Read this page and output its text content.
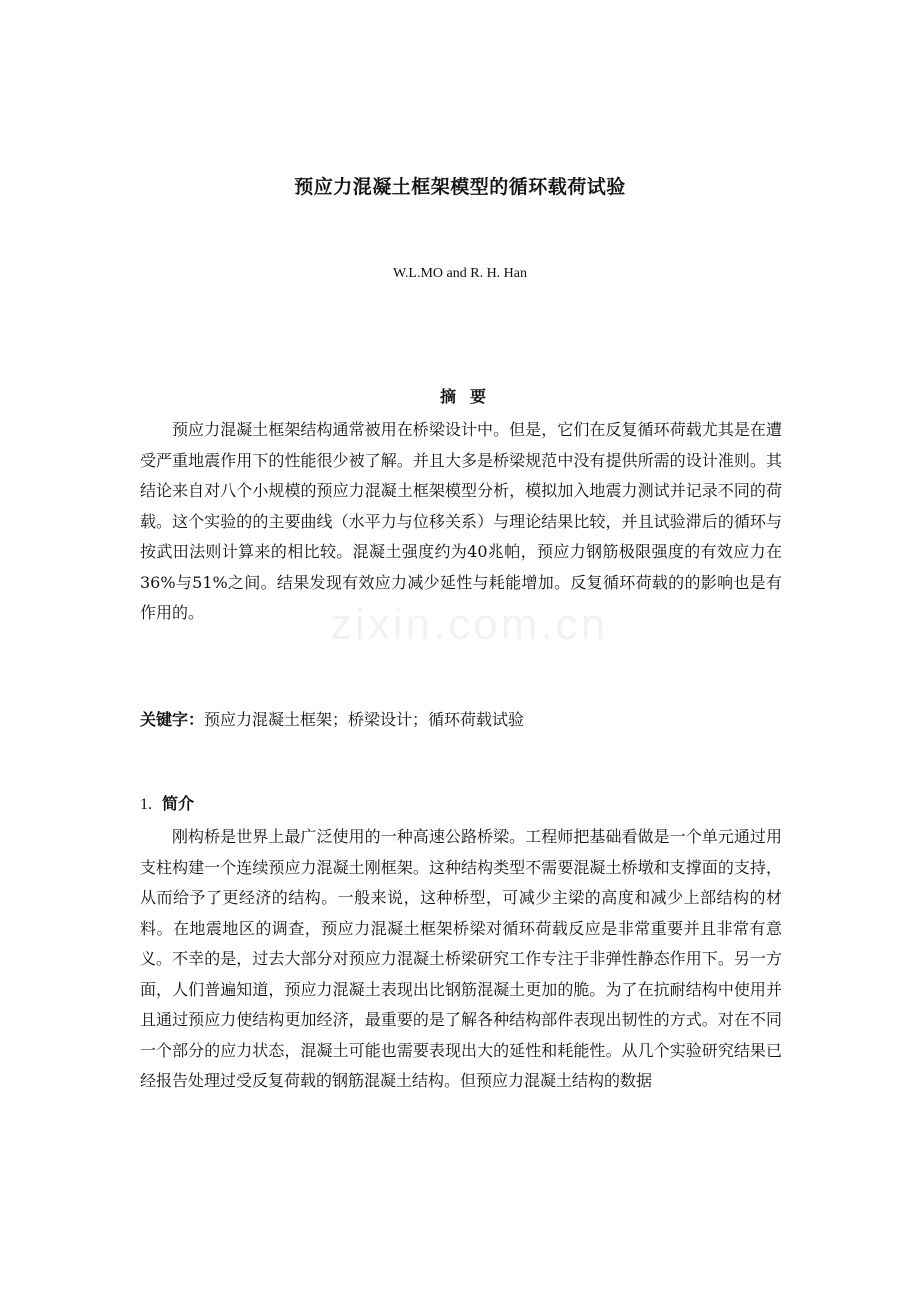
预应力混凝土框架模型的循环载荷试验
W.L.MO and R. H. Han
摘要

预应力混凝土框架结构通常被用在桥梁设计中。但是，它们在反复循环荷载尤其是在遭受严重地震作用下的性能很少被了解。并且大多是桥梁规范中没有提供所需的设计准则。其结论来自对八个小规模的预应力混凝土框架模型分析，模拟加入地震力测试并记录不同的荷载。这个实验的的主要曲线（水平力与位移关系）与理论结果比较，并且试验滞后的循环与按武田法则计算来的相比较。混凝土强度约为40兆帕，预应力钢筋极限强度的有效应力在36%与51%之间。结果发现有效应力减少延性与耗能增加。反复循环荷载的的影响也是有作用的。

关键字：预应力混凝土框架；桥梁设计；循环荷载试验
1. 简介

刚构桥是世界上最广泛使用的一种高速公路桥梁。工程师把基础看做是一个单元通过用支柱构建一个连续预应力混凝土刚框架。这种结构类型不需要混凝土桥墩和支撑面的支持，从而给予了更经济的结构。一般来说，这种桥型，可减少主梁的高度和减少上部结构的材料。在地震地区的调查，预应力混凝土框架桥梁对循环荷载反应是非常重要并且非常有意义。不幸的是，过去大部分对预应力混凝土桥梁研究工作专注于非弹性静态作用下。另一方面，人们普遍知道，预应力混凝土表现出比钢筋混凝土更加的脆。为了在抗耐结构中使用并且通过预应力使结构更加经济，最重要的是了解各种结构部件表现出韧性的方式。对在不同一个部分的应力状态，混凝土可能也需要表现出大的延性和耗能性。从几个实验研究结果已经报告处理过受反复荷载的钢筋混凝土结构。但预应力混凝土结构的数据

zixin.com.cn
